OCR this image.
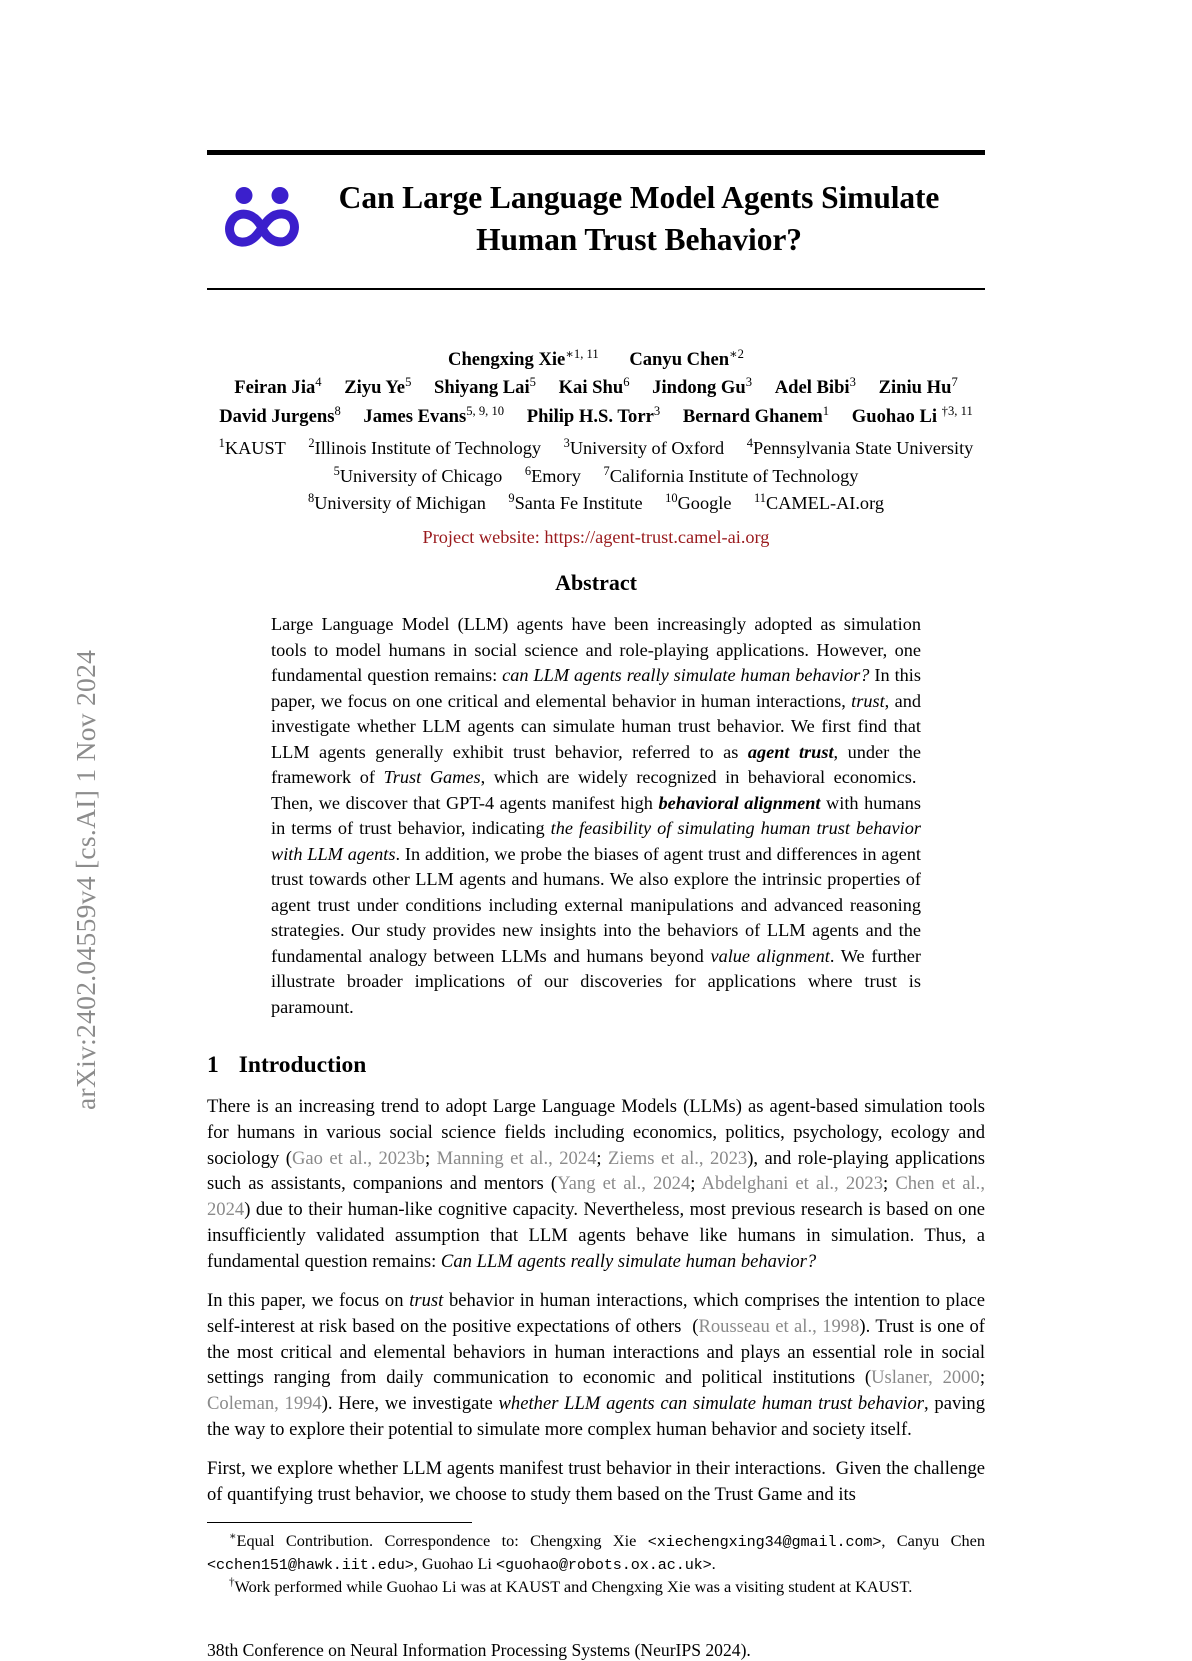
arXiv:2402.04559v4 [cs.AI] 1 Nov 2024
Can Large Language Model Agents Simulate
Human Trust Behavior?
Chengxing Xie$^{∗1, 11}$ Canyu Chen$^{∗2}$
Feiran Jia$^4$ Ziyu Ye$^5$ Shiyang Lai$^5$ Kai Shu$^6$ Jindong Gu$^3$ Adel Bibi$^3$ Ziniu Hu$^7$
David Jurgens$^8$ James Evans$^{5, 9, 10}$ Philip H.S. Torr$^3$ Bernard Ghanem$^1$ Guohao Li $^{\dagger 3, 11}$
$^1$KAUST $^2$Illinois Institute of Technology $^3$University of Oxford $^4$Pennsylvania State University
$^5$University of Chicago $^6$Emory $^7$California Institute of Technology
$^8$University of Michigan $^9$Santa Fe Institute $^{10}$Google $^{11}$CAMEL-AI.org
Project website: https://agent-trust.camel-ai.org
Abstract
Large Language Model (LLM) agents have been increasingly adopted as simulation tools to model humans in social science and role-playing applications. However, one fundamental question remains: can LLM agents really simulate human behavior? In this paper, we focus on one critical and elemental behavior in human interactions, trust, and investigate whether LLM agents can simulate human trust behavior. We first find that LLM agents generally exhibit trust behavior, referred to as agent trust, under the framework of Trust Games, which are widely recognized in behavioral economics.  Then, we discover that GPT-4 agents manifest high behavioral alignment with humans in terms of trust behavior, indicating the feasibility of simulating human trust behavior with LLM agents. In addition, we probe the biases of agent trust and differences in agent trust towards other LLM agents and humans. We also explore the intrinsic properties of agent trust under conditions including external manipulations and advanced reasoning strategies. Our study provides new insights into the behaviors of LLM agents and the fundamental analogy between LLMs and humans beyond value alignment. We further illustrate broader implications of our discoveries for applications where trust is paramount.
1 Introduction

There is an increasing trend to adopt Large Language Models (LLMs) as agent-based simulation tools for humans in various social science fields including economics, politics, psychology, ecology and sociology (Gao et al., 2023b; Manning et al., 2024; Ziems et al., 2023), and role-playing applications such as assistants, companions and mentors (Yang et al., 2024; Abdelghani et al., 2023; Chen et al., 2024) due to their human-like cognitive capacity. Nevertheless, most previous research is based on one insufficiently validated assumption that LLM agents behave like humans in simulation. Thus, a fundamental question remains: Can LLM agents really simulate human behavior?

In this paper, we focus on trust behavior in human interactions, which comprises the intention to place self-interest at risk based on the positive expectations of others  (Rousseau et al., 1998). Trust is one of the most critical and elemental behaviors in human interactions and plays an essential role in social settings ranging from daily communication to economic and political institutions (Uslaner, 2000; Coleman, 1994). Here, we investigate whether LLM agents can simulate human trust behavior, paving the way to explore their potential to simulate more complex human behavior and society itself.

First, we explore whether LLM agents manifest trust behavior in their interactions.  Given the challenge of quantifying trust behavior, we choose to study them based on the Trust Game and its

∗Equal Contribution. Correspondence to: Chengxing Xie <xiechengxing34@gmail.com>, Canyu Chen <cchen151@hawk.iit.edu>, Guohao Li <guohao@robots.ox.ac.uk>.
†Work performed while Guohao Li was at KAUST and Chengxing Xie was a visiting student at KAUST.
38th Conference on Neural Information Processing Systems (NeurIPS 2024).
